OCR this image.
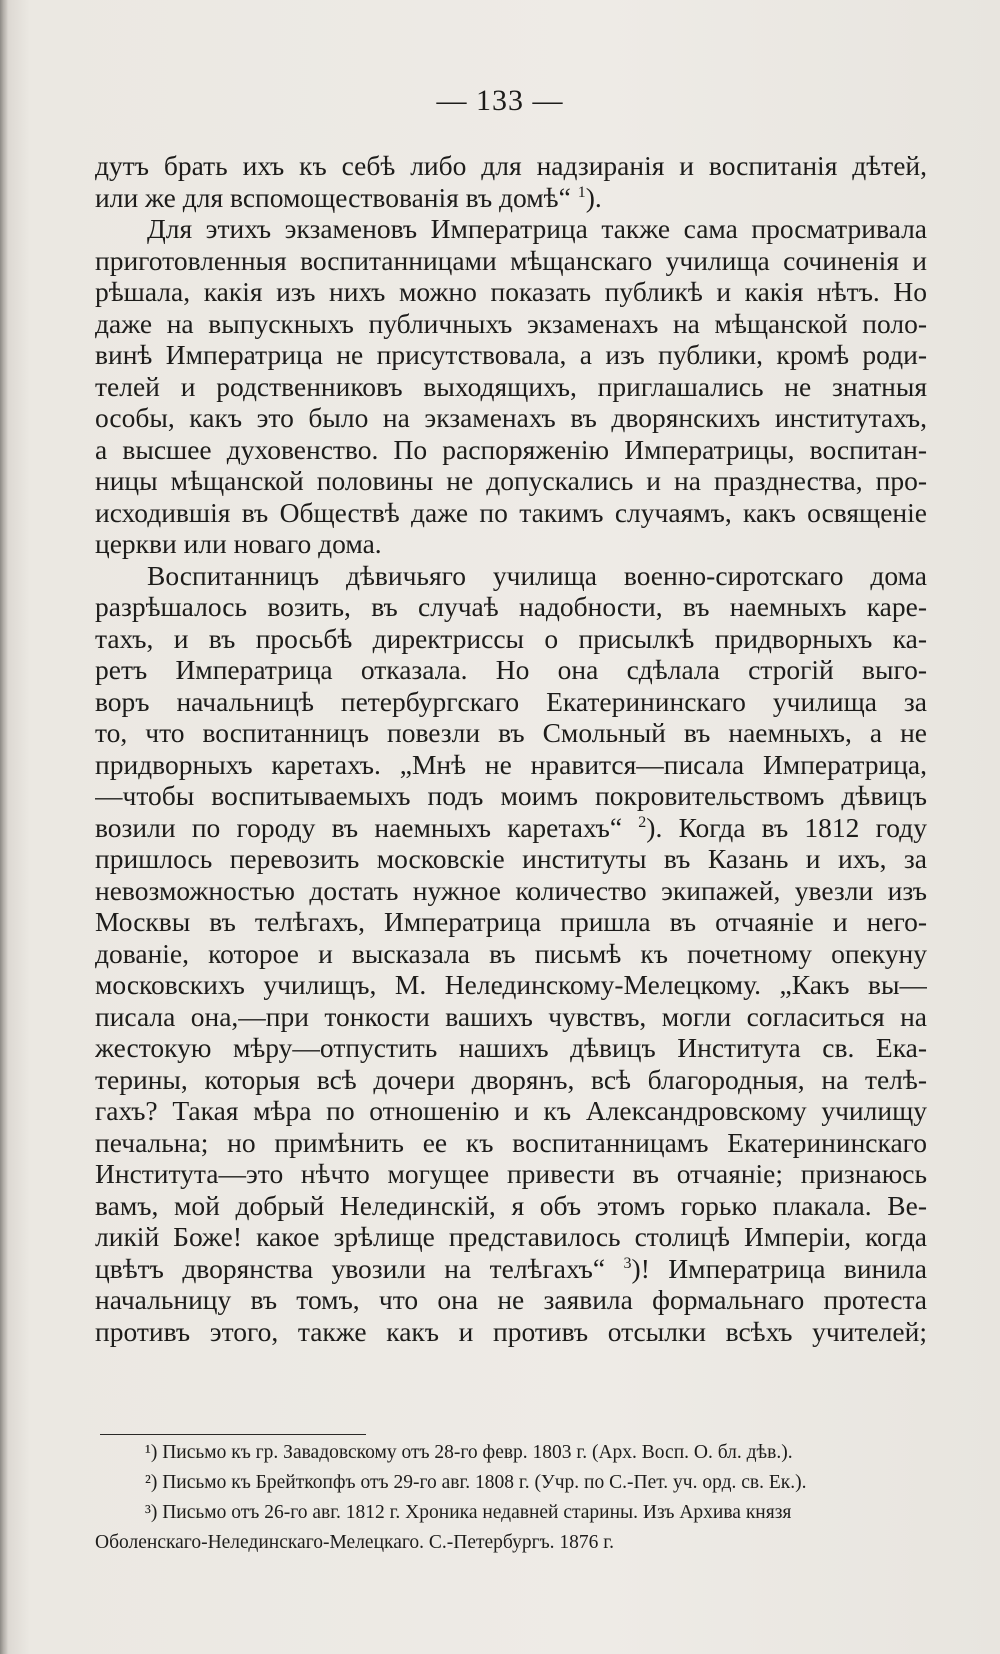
— 133 —
дутъ брать ихъ къ себѣ либо для надзиранія и воспитанія дѣтей,
или же для вспомоществованія въ домѣ“ $^1$).
Для этихъ экзаменовъ Императрица также сама просматривала
приготовленныя воспитанницами мѣщанскаго училища сочиненія и
рѣшала, какія изъ нихъ можно показать публикѣ и какія нѣтъ. Но
даже на выпускныхъ публичныхъ экзаменахъ на мѣщанской поло-
винѣ Императрица не присутствовала, а изъ публики, кромѣ роди-
телей и родственниковъ выходящихъ, приглашались не знатныя
особы, какъ это было на экзаменахъ въ дворянскихъ институтахъ,
а высшее духовенство. По распоряженію Императрицы, воспитан-
ницы мѣщанской половины не допускались и на празднества, про-
исходившія въ Обществѣ даже по такимъ случаямъ, какъ освященіе
церкви или новаго дома.
Воспитанницъ дѣвичьяго училища военно-сиротскаго дома
разрѣшалось возить, въ случаѣ надобности, въ наемныхъ каре-
тахъ, и въ просьбѣ директриссы о присылкѣ придворныхъ ка-
ретъ Императрица отказала. Но она сдѣлала строгій выго-
воръ начальницѣ петербургскаго Екатерининскаго училища за
то, что воспитанницъ повезли въ Смольный въ наемныхъ, а не
придворныхъ каретахъ. „Мнѣ не нравится—писала Императрица,
—чтобы воспитываемыхъ подъ моимъ покровительствомъ дѣвицъ
возили по городу въ наемныхъ каретахъ“ $^2$). Когда въ 1812 году
пришлось перевозить московскіе институты въ Казань и ихъ, за
невозможностью достать нужное количество экипажей, увезли изъ
Москвы въ телѣгахъ, Императрица пришла въ отчаяніе и него-
дованіе, которое и высказала въ письмѣ къ почетному опекуну
московскихъ училищъ, М. Нелединскому-Мелецкому. „Какъ вы—
писала она,—при тонкости вашихъ чувствъ, могли согласиться на
жестокую мѣру—отпустить нашихъ дѣвицъ Института св. Ека-
терины, которыя всѣ дочери дворянъ, всѣ благородныя, на телѣ-
гахъ? Такая мѣра по отношенію и къ Александровскому училищу
печальна; но примѣнить ее къ воспитанницамъ Екатерининскаго
Института—это нѣчто могущее привести въ отчаяніе; признаюсь
вамъ, мой добрый Нелединскій, я объ этомъ горько плакала. Ве-
ликій Боже! какое зрѣлище представилось столицѣ Имперіи, когда
цвѣтъ дворянства увозили на телѣгахъ“ $^3$)! Императрица винила
начальницу въ томъ, что она не заявила формальнаго протеста
противъ этого, также какъ и противъ отсылки всѣхъ учителей;
¹) Письмо къ гр. Завадовскому отъ 28-го февр. 1803 г. (Арх. Восп. О. бл. дѣв.).
²) Письмо къ Брейткопфъ отъ 29-го авг. 1808 г. (Учр. по С.-Пет. уч. орд. св. Ек.).
³) Письмо отъ 26-го авг. 1812 г. Хроника недавней старины. Изъ Архива князя
Оболенскаго-Нелединскаго-Мелецкаго. С.-Петербургъ. 1876 г.
